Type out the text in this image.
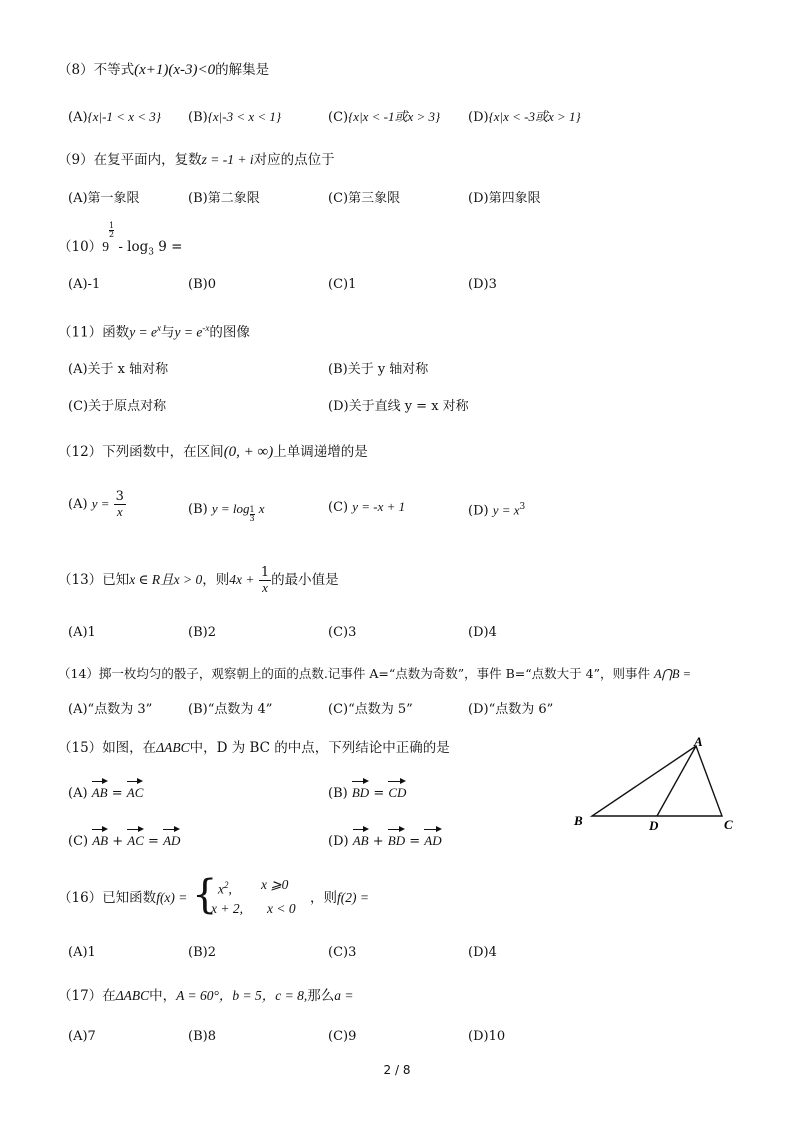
（8）不等式(x+1)(x-3)<0的解集是
(A){x|-1 < x < 3} (B){x|-3 < x < 1}	(C){x|x < -1或x > 3} (D){x|x < -3或x > 1}
（9）在复平面内，复数z = -1 + i对应的点位于
(A)第一象限	(B)第二象限	(C)第三象限	(D)第四象限
（10）9
$\frac{1}{2}$
- $\log_3 9$ =
(A)-1	(B)0	(C)1	(D)3
（11）函数$y = e^x$与$y = e^{-x}$的图像
(A)关于 x 轴对称	(B)关于 y 轴对称
(C)关于原点对称	(D)关于直线 y = x 对称
（12）下列函数中，在区间(0, + ∞)上单调递增的是
(A) $y = \frac{3}{x}$	(B) $y = \log \frac{1}{3}$ x	(C) y = -x + 1	(D) $y = x^3$
（13）已知x ∈ R且x > 0，则$4x + \frac{1}{x}$ 的最小值是
(A)1	(B)2	(C)3	(D)4
（14）掷一枚均匀的骰子，观察朝上的面的点数.记事件 A=“点数为奇数”，事件 B=“点数大于 4”，则事件 A⋂B =
(A)“点数为 3”	(B)“点数为 4”	(C)“点数为 5”	(D)“点数为 6”
（15）如图，在ΔABC中，D 为 BC 的中点，下列结论中正确的是
(A) AB = AC	(B) BD = CD
(C) AB + AC = AD	(D) AB + BD = AD
A
B	C
D
（16）已知函数f(x) = { $x^2$, x ⩾0
x + 2, x < 0
，则f(2) =
(A)1	(B)2	(C)3	(D)4
（17）在ΔABC中，A = 60°，b = 5，c = 8,那么a =
(A)7	(B)8	(C)9	(D)10
2 / 8
